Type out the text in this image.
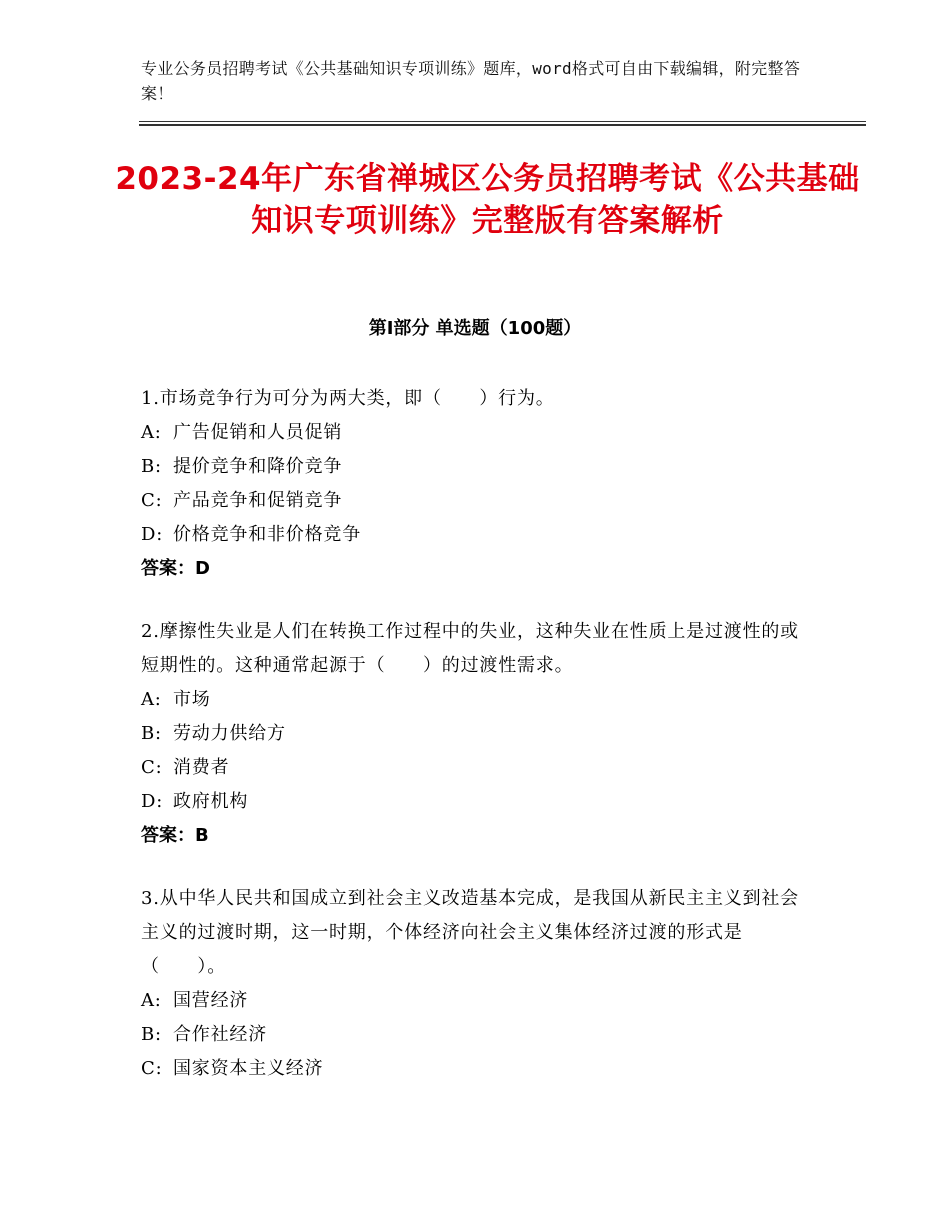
专业公务员招聘考试《公共基础知识专项训练》题库，word格式可自由下载编辑，附完整答案！
2023-24年广东省禅城区公务员招聘考试《公共基础知识专项训练》完整版有答案解析
第Ⅰ部分 单选题（100题）
1.市场竞争行为可分为两大类，即（　　）行为。
A: 广告促销和人员促销
B: 提价竞争和降价竞争
C: 产品竞争和促销竞争
D: 价格竞争和非价格竞争
答案：D
2.摩擦性失业是人们在转换工作过程中的失业，这种失业在性质上是过渡性的或短期性的。这种通常起源于（　　）的过渡性需求。
A: 市场
B: 劳动力供给方
C: 消费者
D: 政府机构
答案：B
3.从中华人民共和国成立到社会主义改造基本完成，是我国从新民主主义到社会主义的过渡时期，这一时期，个体经济向社会主义集体经济过渡的形式是（　　）。
A: 国营经济
B: 合作社经济
C: 国家资本主义经济
